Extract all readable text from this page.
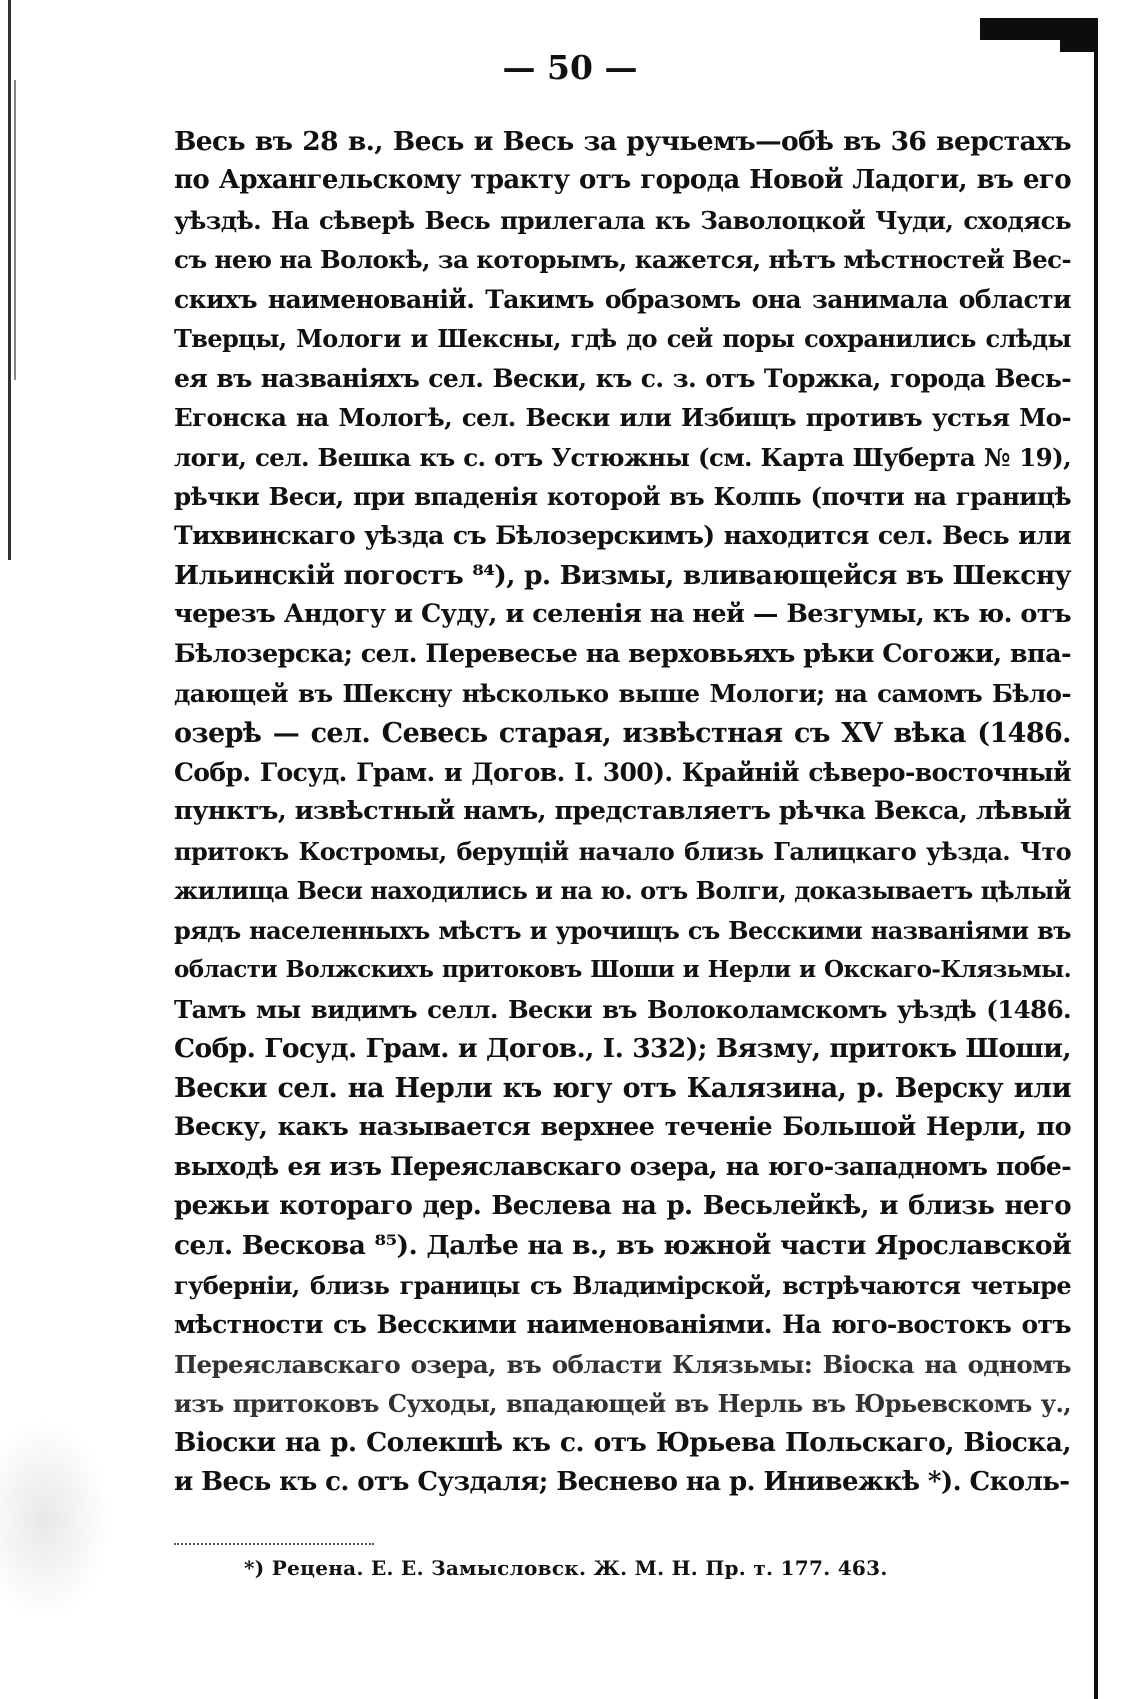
— 50 —
Весь въ 28 в., Весь и Весь за ручьемъ—обѣ въ 36 верстахъ
по Архангельскому тракту отъ города Новой Ладоги, въ его
уѣздѣ. На сѣверѣ Весь прилегала къ Заволоцкой Чуди, сходясь
съ нею на Волокѣ, за которымъ, кажется, нѣтъ мѣстностей Вес-
скихъ наименованій. Такимъ образомъ она занимала области
Тверцы, Мологи и Шексны, гдѣ до сей поры сохранились слѣды
ея въ названіяхъ сел. Вески, къ с. з. отъ Торжка, города Весь-
Егонска на Мологѣ, сел. Вески или Избищъ противъ устья Мо-
логи, сел. Вешка къ с. отъ Устюжны (см. Карта Шуберта № 19),
рѣчки Веси, при впаденія которой въ Колпь (почти на границѣ
Тихвинскаго уѣзда съ Бѣлозерскимъ) находится сел. Весь или
Ильинскій погостъ ⁸⁴), р. Визмы, вливающейся въ Шексну
черезъ Андогу и Суду, и селенія на ней — Везгумы, къ ю. отъ
Бѣлозерска; сел. Перевесье на верховьяхъ рѣки Согожи, впа-
дающей въ Шексну нѣсколько выше Мологи; на самомъ Бѣло-
озерѣ — сел. Севесь старая, извѣстная съ XV вѣка (1486.
Собр. Госуд. Грам. и Догов. I. 300). Крайній сѣверо-восточный
пунктъ, извѣстный намъ, представляетъ рѣчка Векса, лѣвый
притокъ Костромы, берущій начало близь Галицкаго уѣзда. Что
жилища Веси находились и на ю. отъ Волги, доказываетъ цѣлый
рядъ населенныхъ мѣстъ и урочищъ съ Весскими названіями въ
области Волжскихъ притоковъ Шоши и Нерли и Окскаго-Клязьмы.
Тамъ мы видимъ селл. Вески въ Волоколамскомъ уѣздѣ (1486.
Собр. Госуд. Грам. и Догов., I. 332); Вязму, притокъ Шоши,
Вески сел. на Нерли къ югу отъ Калязина, р. Верску или
Веску, какъ называется верхнее теченіе Большой Нерли, по
выходѣ ея изъ Переяславскаго озера, на юго-западномъ побе-
режьи котораго дер. Веслева на р. Весьлейкѣ, и близь него
сел. Вескова ⁸⁵). Далѣе на в., въ южной части Ярославской
губерніи, близь границы съ Владимірской, встрѣчаются четыре
мѣстности съ Весскими наименованіями. На юго-востокъ отъ
Переяславскаго озера, въ области Клязьмы: Віоска на одномъ
изъ притоковъ Суходы, впадающей въ Нерль въ Юрьевскомъ у.,
Віоски на р. Солекшѣ къ с. отъ Юрьева Польскаго, Віоска,
и Весь къ с. отъ Суздаля; Веснево на р. Инивежкѣ *). Сколь-
*) Рецена. Е. Е. Замысловск. Ж. М. Н. Пр. т. 177. 463.
